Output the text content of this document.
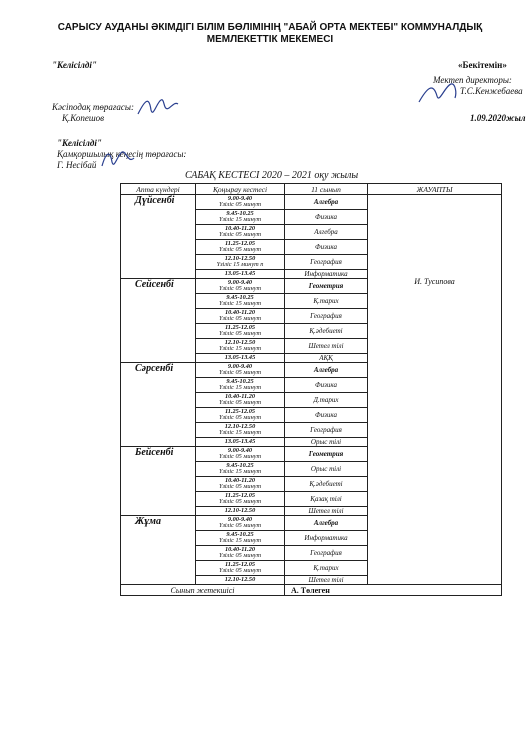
САРЫСУ АУДАНЫ ӘКІМДІГІ БІЛІМ БӨЛІМІНІҢ "АБАЙ ОРТА МЕКТЕБІ" КОММУНАЛДЫҚ
МЕМЛЕКЕТТІК МЕКЕМЕСІ
"Келісілді"
Кәсіподақ төрағасы:
Қ.Копешов
"Келісілді"
Қамқоршылық кеңесің төрағасы:
Г. Несібай
«Бекітемін»
Мектеп директоры:
Т.С.Кенжебаева
1.09.2020жыл
САБАҚ КЕСТЕСІ 2020 – 2021 оқу жылы
Апта күндері	Қоңырау кестесі	11 сынып	ЖАУАПТЫ
Дүйсенбі	9.00-9.40
Үзіліс 05 минут	Алгебра	И. Тусипова

	9.45-10.25
Үзіліс 15 минут	Физика	

	10.40-11.20
Үзіліс 05 минут	Алгебра	

	11.25-12.05
Үзіліс 05 минут	Физика	

	12.10-12.50
Үзіліс 15 минут п	География	

	13.05-13.45	Информатика	
Сейсенбі	9.00-9.40
Үзіліс 05 минут	Геометрия	

	9.45-10.25
Үзіліс 15 минут	Қ.тарих	

	10.40-11.20
Үзіліс 05 минут	География	

	11.25-12.05
Үзіліс 05 минут	Қ.әдебиеті	

	12.10-12.50
Үзіліс 15 минут	Шетел тілі	

	13.05-13.45	АҚҚ	
Сәрсенбі	9.00-9.40
Үзіліс 05 минут	Алгебра	

	9.45-10.25
Үзіліс 15 минут	Физика	

	10.40-11.20
Үзіліс 05 минут	Д.тарих	

	11.25-12.05
Үзіліс 05 минут	Физика	

	12.10-12.50
Үзіліс 15 минут	География	

	13.05-13.45	Орыс тілі	
Бейсенбі	9.00-9.40
Үзіліс 05 минут	Геометрия	

	9.45-10.25
Үзіліс 15 минут	Орыс тілі	

	10.40-11.20
Үзіліс 05 минут	Қ.әдебиеті	

	11.25-12.05
Үзіліс 05 минут	Қазақ тілі	

	12.10-12.50	Шетел тілі	
Жұма	9.00-9.40
Үзіліс 05 минут	Алгебра	

	9.45-10.25
Үзіліс 15 минут	Информатика	

	10.40-11.20
Үзіліс 05 минут	География	

	11.25-12.05
Үзіліс 05 минут	Қ.тарих	

	12.10-12.50	Шетел тілі	
Сынып жетекшісі		А. Төлеген	
